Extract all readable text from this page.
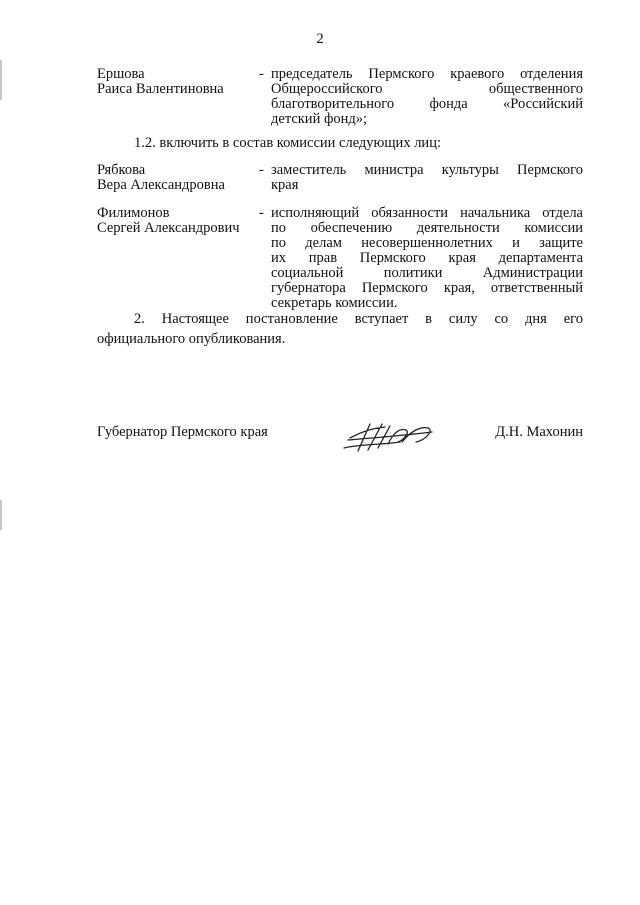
2
Ершова
Раиса Валентиновна
- председатель Пермского краевого отделения
Общероссийского общественного
благотворительного фонда «Российский
детский фонд»;
1.2. включить в состав комиссии следующих лиц:
Рябкова
Вера Александровна
- заместитель министра культуры Пермского
края
Филимонов
Сергей Александрович
- исполняющий обязанности начальника отдела
по обеспечению деятельности комиссии
по делам несовершеннолетних и защите
их прав Пермского края департамента
социальной политики Администрации
губернатора Пермского края, ответственный
секретарь комиссии.
2. Настоящее постановление вступает в силу со дня его
официального опубликования.
Губернатор Пермского края	Д.Н. Махонин
